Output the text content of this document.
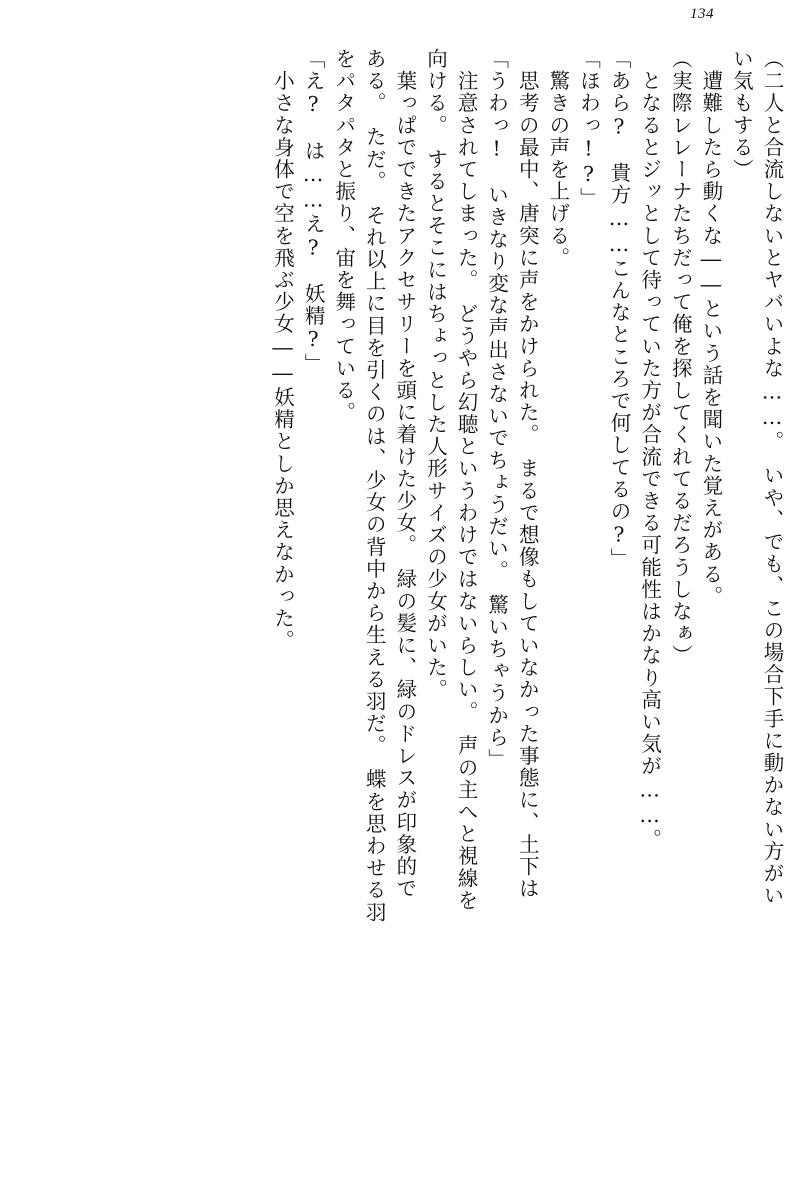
134
（二人と合流しないとヤバいよな……。　いや、でも、この場合下手に動かない方がい
い気もする）
　遭難したら動くな――という話を聞いた覚えがある。
（実際レレーナたちだって俺を探してくれてるだろうしなぁ）
　となるとジッとして待っていた方が合流できる可能性はかなり高い気が……。
「あら?　貴方……こんなところで何してるの?」
「ほわっ!?」
　驚きの声を上げる。
　思考の最中、唐突に声をかけられた。　まるで想像もしていなかった事態に、土下は
「うわっ!　いきなり変な声出さないでちょうだい。　驚いちゃうから」
　注意されてしまった。　どうやら幻聴というわけではないらしい。　声の主へと視線を
向ける。　するとそこにはちょっとした人形サイズの少女がいた。
　葉っぱでできたアクセサリーを頭に着けた少女。　緑の髪に、緑のドレスが印象的で
ある。　ただ。　それ以上に目を引くのは、少女の背中から生える羽だ。　蝶を思わせる羽
をパタパタと振り、宙を舞っている。
「え?　は……え?　妖精?」
　小さな身体で空を飛ぶ少女――妖精としか思えなかった。
